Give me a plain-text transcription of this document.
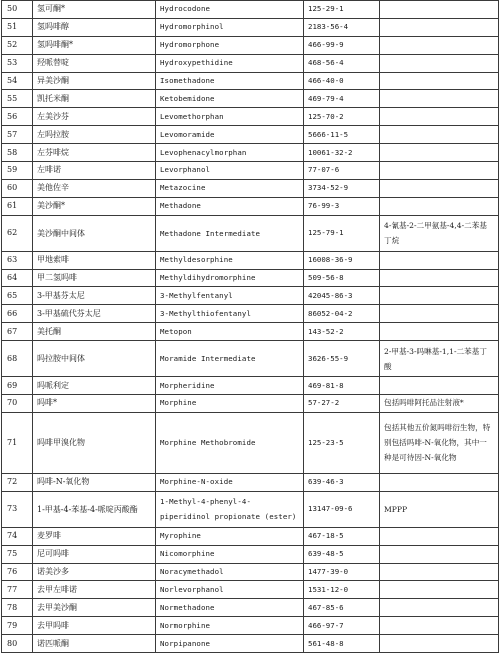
50	氢可酮*	Hydrocodone	125-29-1	
51	氢吗啡醇	Hydromorphinol	2183-56-4	
52	氢吗啡酮*	Hydromorphone	466-99-9	
53	羟哌替啶	Hydroxypethidine	468-56-4	
54	异美沙酮	Isomethadone	466-40-0	
55	凯托米酮	Ketobemidone	469-79-4	
56	左美沙芬	Levomethorphan	125-70-2	
57	左吗拉胺	Levomoramide	5666-11-5	
58	左芬啡烷	Levophenacylmorphan	10061-32-2	
59	左啡诺	Levorphanol	77-07-6	
60	美他佐辛	Metazocine	3734-52-9	
61	美沙酮*	Methadone	76-99-3	
62	美沙酮中间体	Methadone Intermediate	125-79-1	4-氰基-2-二甲氨基-4,4-二苯基丁烷
63	甲地索啡	Methyldesorphine	16008-36-9	
64	甲二氢吗啡	Methyldihydromorphine	509-56-8	
65	3-甲基芬太尼	3-Methylfentanyl	42045-86-3	
66	3-甲基硫代芬太尼	3-Methylthiofentanyl	86052-04-2	
67	美托酮	Metopon	143-52-2	
68	吗拉胺中间体	Moramide Intermediate	3626-55-9	2-甲基-3-吗啉基-1,1-二苯基丁酸
69	吗哌利定	Morpheridine	469-81-8	
70	吗啡*	Morphine	57-27-2	包括吗啡阿托品注射液*
71	吗啡甲溴化物	Morphine Methobromide	125-23-5	包括其他五价氮吗啡衍生物，特别包括吗啡-N-氧化物，其中一种是可待因-N-氧化物
72	吗啡-N-氧化物	Morphine-N-oxide	639-46-3	
73	1-甲基-4-苯基-4-哌啶丙酸酯	1-Methyl-4-phenyl-4-piperidinol propionate (ester)	13147-09-6	MPPP
74	麦罗啡	Myrophine	467-18-5	
75	尼可吗啡	Nicomorphine	639-48-5	
76	诺美沙多	Noracymethadol	1477-39-0	
77	去甲左啡诺	Norlevorphanol	1531-12-0	
78	去甲美沙酮	Normethadone	467-85-6	
79	去甲吗啡	Normorphine	466-97-7	
80	诺匹哌酮	Norpipanone	561-48-8	
